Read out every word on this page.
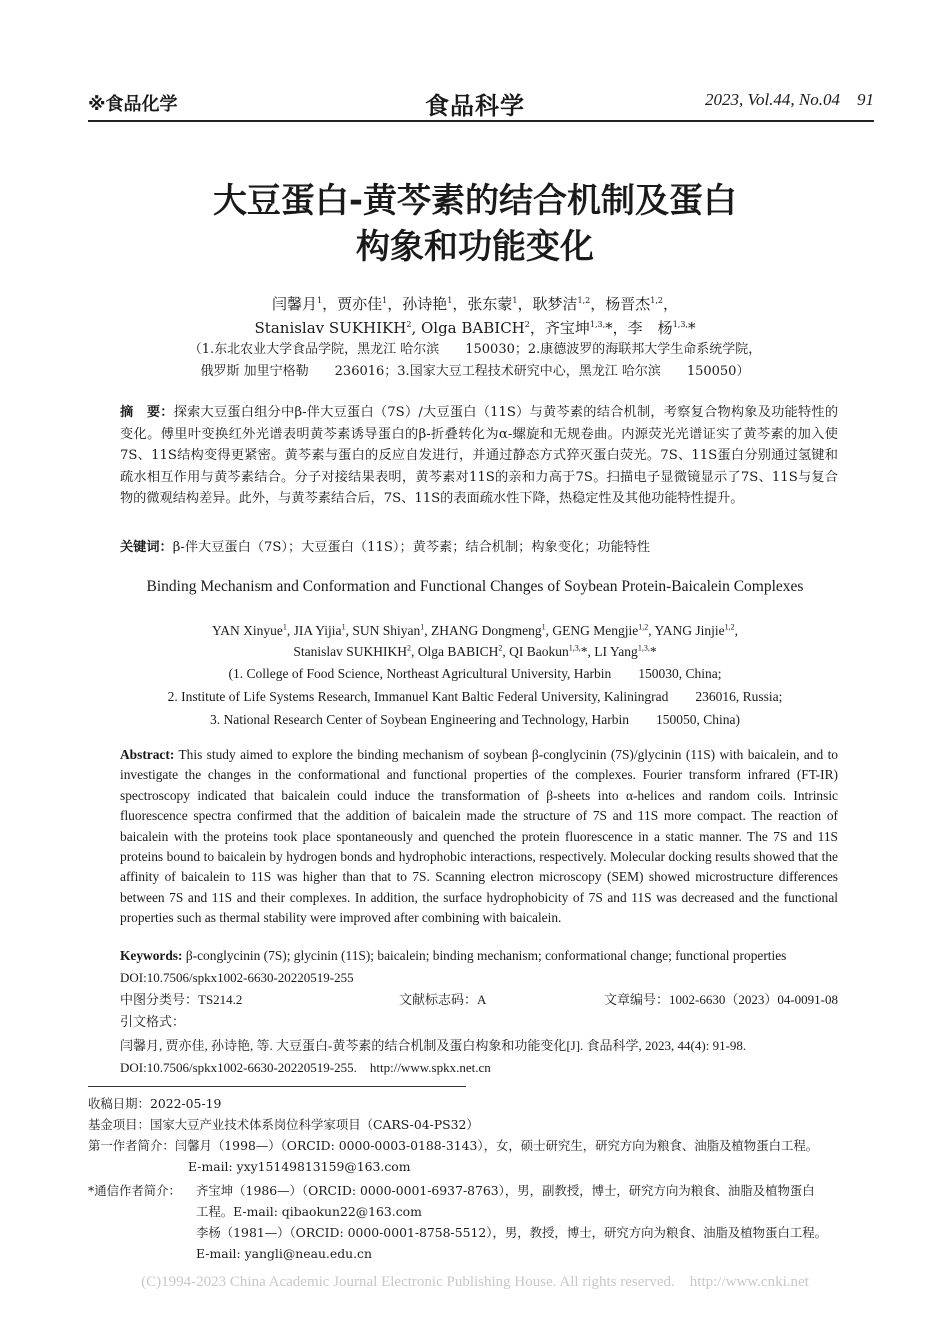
※食品化学	食品科学	2023, Vol.44, No.04 91
大豆蛋白-黄芩素的结合机制及蛋白
构象和功能变化
闫馨月$^1$，贾亦佳$^1$，孙诗艳$^1$，张东蒙$^1$，耿梦洁$^{1,2}$，杨晋杰$^{1,2}$，
Stanislav SUKHIKH$^2$, Olga BABICH$^2$，齐宝坤$^{1,3,}$*，李　杨$^{1,3,}$*
（1.东北农业大学食品学院，黑龙江 哈尔滨　　150030；2.康德波罗的海联邦大学生命系统学院，
俄罗斯 加里宁格勒　　236016；3.国家大豆工程技术研究中心，黑龙江 哈尔滨　　150050）
摘　要：探索大豆蛋白组分中β-伴大豆蛋白（7S）/大豆蛋白（11S）与黄芩素的结合机制，考察复合物构象及功能特性的变化。傅里叶变换红外光谱表明黄芩素诱导蛋白的β-折叠转化为α-螺旋和无规卷曲。内源荧光光谱证实了黄芩素的加入使7S、11S结构变得更紧密。黄芩素与蛋白的反应自发进行，并通过静态方式猝灭蛋白荧光。7S、11S蛋白分别通过氢键和疏水相互作用与黄芩素结合。分子对接结果表明，黄芩素对11S的亲和力高于7S。扫描电子显微镜显示了7S、11S与复合物的微观结构差异。此外，与黄芩素结合后，7S、11S的表面疏水性下降，热稳定性及其他功能特性提升。
关键词：β-伴大豆蛋白（7S）；大豆蛋白（11S）；黄芩素；结合机制；构象变化；功能特性
Binding Mechanism and Conformation and Functional Changes of Soybean Protein-Baicalein Complexes
YAN Xinyue$^1$, JIA Yijia$^1$, SUN Shiyan$^1$, ZHANG Dongmeng$^1$, GENG Mengjie$^{1,2}$, YANG Jinjie$^{1,2}$,
Stanislav SUKHIKH$^2$, Olga BABICH$^2$, QI Baokun$^{1,3,}$*, LI Yang$^{1,3,}$*
(1. College of Food Science, Northeast Agricultural University, Harbin　　150030, China;
2. Institute of Life Systems Research, Immanuel Kant Baltic Federal University, Kaliningrad　　236016, Russia;
3. National Research Center of Soybean Engineering and Technology, Harbin　　150050, China)
Abstract: This study aimed to explore the binding mechanism of soybean β-conglycinin (7S)/glycinin (11S) with baicalein, and to investigate the changes in the conformational and functional properties of the complexes. Fourier transform infrared (FT-IR) spectroscopy indicated that baicalein could induce the transformation of β-sheets into α-helices and random coils. Intrinsic fluorescence spectra confirmed that the addition of baicalein made the structure of 7S and 11S more compact. The reaction of baicalein with the proteins took place spontaneously and quenched the protein fluorescence in a static manner. The 7S and 11S proteins bound to baicalein by hydrogen bonds and hydrophobic interactions, respectively. Molecular docking results showed that the affinity of baicalein to 11S was higher than that to 7S. Scanning electron microscopy (SEM) showed microstructure differences between 7S and 11S and their complexes. In addition, the surface hydrophobicity of 7S and 11S was decreased and the functional properties such as thermal stability were improved after combining with baicalein.
Keywords: β-conglycinin (7S); glycinin (11S); baicalein; binding mechanism; conformational change; functional properties
DOI:10.7506/spkx1002-6630-20220519-255
中图分类号：TS214.2	文献标志码：A	文章编号：1002-6630（2023）04-0091-08
引文格式：
闫馨月, 贾亦佳, 孙诗艳, 等. 大豆蛋白-黄芩素的结合机制及蛋白构象和功能变化[J]. 食品科学, 2023, 44(4): 91-98.
DOI:10.7506/spkx1002-6630-20220519-255.　http://www.spkx.net.cn
收稿日期：2022-05-19
基金项目：国家大豆产业技术体系岗位科学家项目（CARS-04-PS32）
第一作者简介：闫馨月（1998—）（ORCID: 0000-0003-0188-3143），女，硕士研究生，研究方向为粮食、油脂及植物蛋白工程。
E-mail: yxy15149813159@163.com
*通信作者简介：	齐宝坤（1986—）（ORCID: 0000-0001-6937-8763），男，副教授，博士，研究方向为粮食、油脂及植物蛋白
工程。E-mail: qibaokun22@163.com
李杨（1981—）（ORCID: 0000-0001-8758-5512），男，教授，博士，研究方向为粮食、油脂及植物蛋白工程。
E-mail: yangli@neau.edu.cn
(C)1994-2023 China Academic Journal Electronic Publishing House. All rights reserved.　http://www.cnki.net
